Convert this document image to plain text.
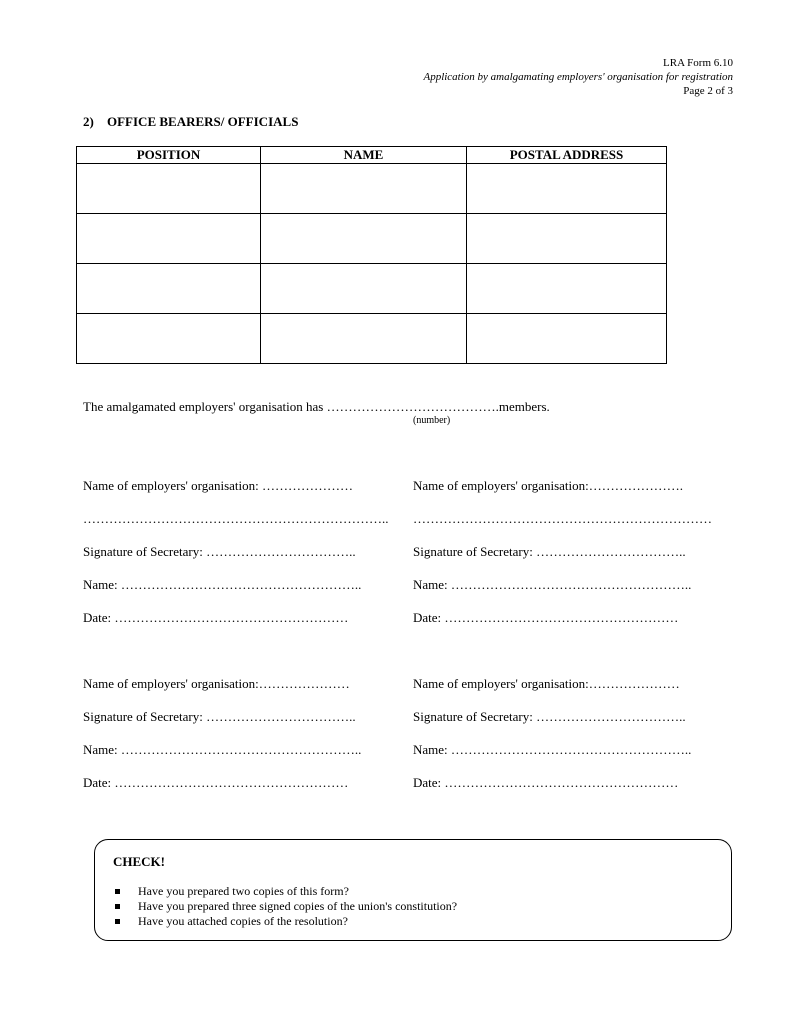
LRA Form 6.10
Application by amalgamating employers' organisation for registration
Page 2 of 3
2) OFFICE BEARERS/ OFFICIALS
POSITION	NAME	POSTAL ADDRESS

The amalgamated employers' organisation has ………………………………….members.
(number)
Name of employers' organisation: …………………	Name of employers' organisation:………………….
…………………………………………………………….. ……………………………………………………………
Signature of Secretary: ……………………………..	Signature of Secretary: ……………………………..
Name: ………………………………………………..	Name: ………………………………………………..
Date: ………………………………………………	Date: ………………………………………………
Name of employers' organisation:…………………	Name of employers' organisation:…………………
Signature of Secretary: ……………………………..	Signature of Secretary: ……………………………..
Name: ………………………………………………..	Name: ………………………………………………..
Date: ………………………………………………	Date: ………………………………………………
CHECK!
Have you prepared two copies of this form?
Have you prepared three signed copies of the union's constitution?
Have you attached copies of the resolution?
